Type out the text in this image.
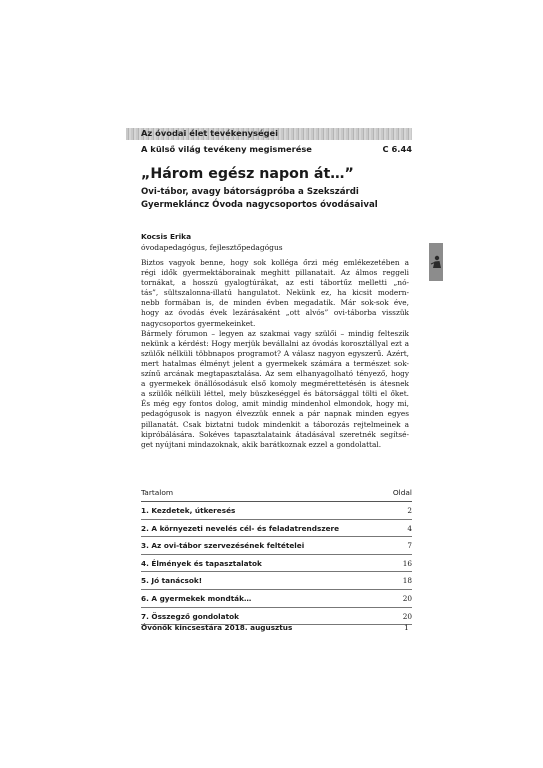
Az óvodai élet tevékenységei
A külső világ tevékeny megismerése	C 6.44
„Három egész napon át…”
Ovi-tábor, avagy bátorságpróba a Szekszárdi
Gyermekláncz Óvoda nagycsoportos óvodásaival
Kocsis Erika
óvodapedagógus, fejlesztőpedagógus
Biztos vagyok benne, hogy sok kolléga őrzi még emlékezetében a
régi idők gyermektáborainak meghitt pillanatait. Az álmos reggeli
tornákat, a hosszú gyalogtúrákat, az esti tábortűz melletti „nó-
tás”, sültszalonna-illatú hangulatot. Nekünk ez, ha kicsit modern-
nebb formában is, de minden évben megadatik. Már sok-sok éve,
hogy az óvodás évek lezárásaként „ott alvós” ovi-táborba visszük
nagycsoportos gyermekeinket.
Bármely fórumon – legyen az szakmai vagy szülői – mindig felteszik
nekünk a kérdést: Hogy merjük bevállalni az óvodás korosztállyal ezt a
szülők nélküli többnapos programot? A válasz nagyon egyszerű. Azért,
mert hatalmas élményt jelent a gyermekek számára a természet sok-
színű arcának megtapasztalása. Az sem elhanyagolható tényező, hogy
a gyermekek önállósodásuk első komoly megmérettetésén is átesnek
a szülők nélküli léttel, mely büszkeséggel és bátorsággal tölti el őket.
És még egy fontos dolog, amit mindig mindenhol elmondok, hogy mi,
pedagógusok is nagyon élvezzük ennek a pár napnak minden egyes
pillanatát. Csak biztatni tudok mindenkit a táborozás rejtelmeinek a
kipróbálására. Sokéves tapasztalataink átadásával szeretnék segítsé-
get nyújtani mindazoknak, akik barátkoznak ezzel a gondolattal.
Tartalom	Oldal
1. Kezdetek, útkeresés	2
2. A környezeti nevelés cél- és feladatrendszere	4
3. Az ovi-tábor szervezésének feltételei	7
4. Élmények és tapasztalatok	16
5. Jó tanácsok!	18
6. A gyermekek mondták…	20
7. Összegző gondolatok	20
Óvónők kincsestára 2018. augusztus	1
